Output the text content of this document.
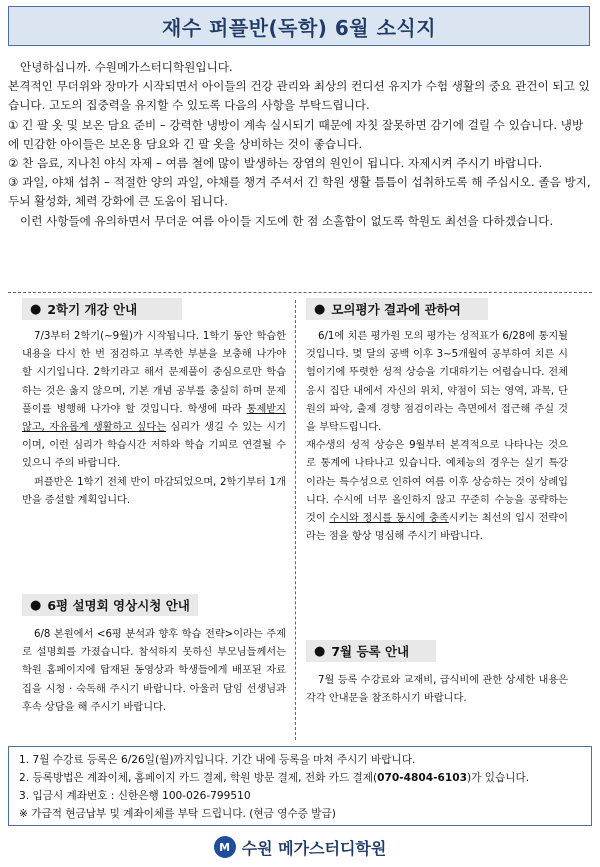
재수 퍼플반(독학) 6월 소식지

안녕하십니까. 수원메가스터디학원입니다.

본격적인 무더위와 장마가 시작되면서 아이들의 건강 관리와 최상의 컨디션 유지가 수험 생활의 중요 관건이 되고 있습니다. 고도의 집중력을 유지할 수 있도록 다음의 사항을 부탁드립니다.

① 긴 팔 옷 및 보온 담요 준비 – 강력한 냉방이 계속 실시되기 때문에 자칫 잘못하면 감기에 걸릴 수 있습니다. 냉방에 민감한 아이들은 보온용 담요와 긴 팔 옷을 상비하는 것이 좋습니다.

② 찬 음료, 지나친 야식 자제 – 여름 철에 많이 발생하는 장염의 원인이 됩니다. 자제시켜 주시기 바랍니다.

③ 과일, 야채 섭취 – 적절한 양의 과일, 야채를 챙겨 주셔서 긴 학원 생활 틈틈이 섭취하도록 해 주십시오. 졸음 방지, 두뇌 활성화, 체력 강화에 큰 도움이 됩니다.

이런 사항들에 유의하면서 무더운 여름 아이들 지도에 한 점 소홀함이 없도록 학원도 최선을 다하겠습니다.

● 2학기 개강 안내

7/3부터 2학기(~9월)가 시작됩니다. 1학기 동안 학습한 내용을 다시 한 번 점검하고 부족한 부분을 보충해 나가야 할 시기입니다. 2학기라고 해서 문제풀이 중심으로만 학습하는 것은 옳지 않으며, 기본 개념 공부를 충실히 하며 문제 풀이를 병행해 나가야 할 것입니다. 학생에 따라 통제받지 않고, 자유롭게 생활하고 싶다는 심리가 생길 수 있는 시기이며, 이런 심리가 학습시간 저하와 학습 기피로 연결될 수 있으니 주의 바랍니다.

퍼플반은 1학기 전체 반이 마감되었으며, 2학기부터 1개반을 증설할 계획입니다.

● 모의평가 결과에 관하여

6/1에 치른 평가원 모의 평가는 성적표가 6/28에 통지될 것입니다. 몇 달의 공백 이후 3~5개월여 공부하여 치른 시험이기에 뚜렷한 성적 상승을 기대하기는 어렵습니다. 전체 응시 집단 내에서 자신의 위치, 약점이 되는 영역, 과목, 단원의 파악, 출제 경향 점검이라는 측면에서 접근해 주실 것을 부탁드립니다.

재수생의 성적 상승은 9월부터 본격적으로 나타나는 것으로 통계에 나타나고 있습니다. 예체능의 경우는 실기 특강이라는 특수성으로 인하여 여름 이후 상승하는 것이 상례입니다. 수시에 너무 올인하지 않고 꾸준히 수능을 공략하는 것이 수시와 정시를 동시에 충족시키는 최선의 입시 전략이라는 점을 항상 명심해 주시기 바랍니다.

● 6평 설명회 영상시청 안내

6/8 본원에서 <6평 분석과 향후 학습 전략>이라는 주제로 설명회를 가졌습니다. 참석하지 못하신 부모님들께서는 학원 홈페이지에 탑재된 동영상과 학생들에게 배포된 자료집을 시청 · 숙독해 주시기 바랍니다. 아울러 담임 선생님과 후속 상담을 해 주시기 바랍니다.

● 7월 등록 안내

7월 등록 수강료와 교재비, 급식비에 관한 상세한 내용은 각각 안내문을 참조하시기 바랍니다.

1. 7월 수강료 등록은 6/26일(월)까지입니다. 기간 내에 등록을 마쳐 주시기 바랍니다.

2. 등록방법은 계좌이체, 홈페이지 카드 결제, 학원 방문 결제, 전화 카드 결제(070-4804-6103)가 있습니다.

3. 입금시 계좌번호 : 신한은행 100-026-799510

※ 가급적 현금납부 및 계좌이체를 부탁 드립니다. (현금 영수증 발급)

M 수원 메가스터디학원
